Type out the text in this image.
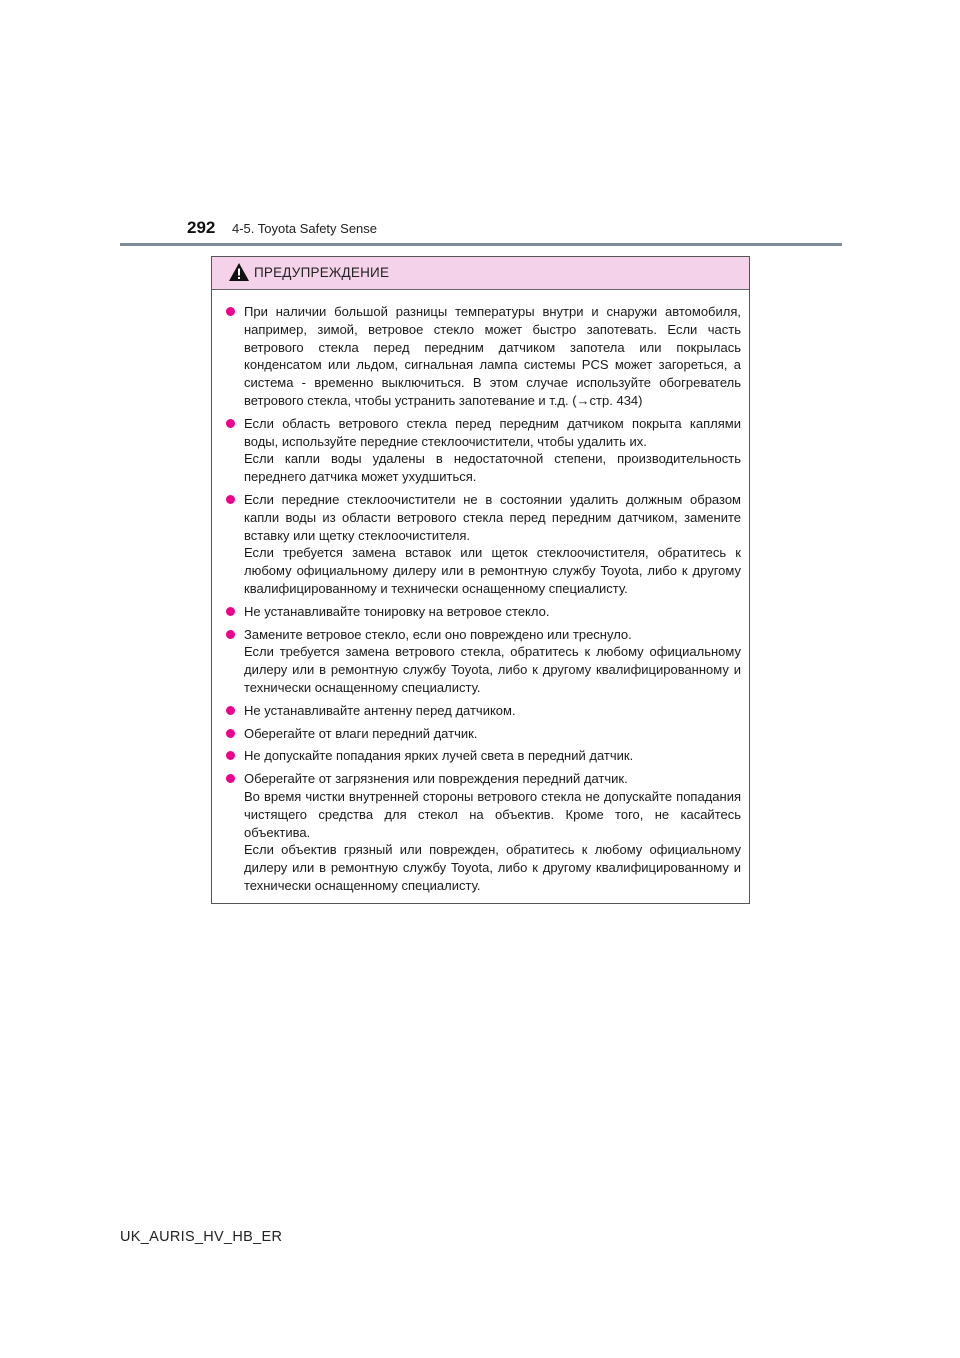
292 4-5. Toyota Safety Sense
ПРЕДУПРЕЖДЕНИЕ
При наличии большой разницы температуры внутри и снаружи автомобиля, например, зимой, ветровое стекло может быстро запотевать. Если часть ветрового стекла перед передним датчиком запотела или покрылась конденсатом или льдом, сигнальная лампа системы PCS может загореться, а система - временно выключиться. В этом случае используйте обогреватель ветрового стекла, чтобы устранить запотевание и т.д. (→стр. 434)
Если область ветрового стекла перед передним датчиком покрыта каплями воды, используйте передние стеклоочистители, чтобы удалить их.
Если капли воды удалены в недостаточной степени, производительность переднего датчика может ухудшиться.
Если передние стеклоочистители не в состоянии удалить должным образом капли воды из области ветрового стекла перед передним датчиком, замените вставку или щетку стеклоочистителя.
Если требуется замена вставок или щеток стеклоочистителя, обратитесь к любому официальному дилеру или в ремонтную службу Toyota, либо к другому квалифицированному и технически оснащенному специалисту.
Не устанавливайте тонировку на ветровое стекло.
Замените ветровое стекло, если оно повреждено или треснуло.
Если требуется замена ветрового стекла, обратитесь к любому официальному дилеру или в ремонтную службу Toyota, либо к другому квалифицированному и технически оснащенному специалисту.
Не устанавливайте антенну перед датчиком.
Оберегайте от влаги передний датчик.
Не допускайте попадания ярких лучей света в передний датчик.
Оберегайте от загрязнения или повреждения передний датчик.
Во время чистки внутренней стороны ветрового стекла не допускайте попадания чистящего средства для стекол на объектив. Кроме того, не касайтесь объектива.
Если объектив грязный или поврежден, обратитесь к любому официальному дилеру или в ремонтную службу Toyota, либо к другому квалифицированному и технически оснащенному специалисту.
UK_AURIS_HV_HB_ER
